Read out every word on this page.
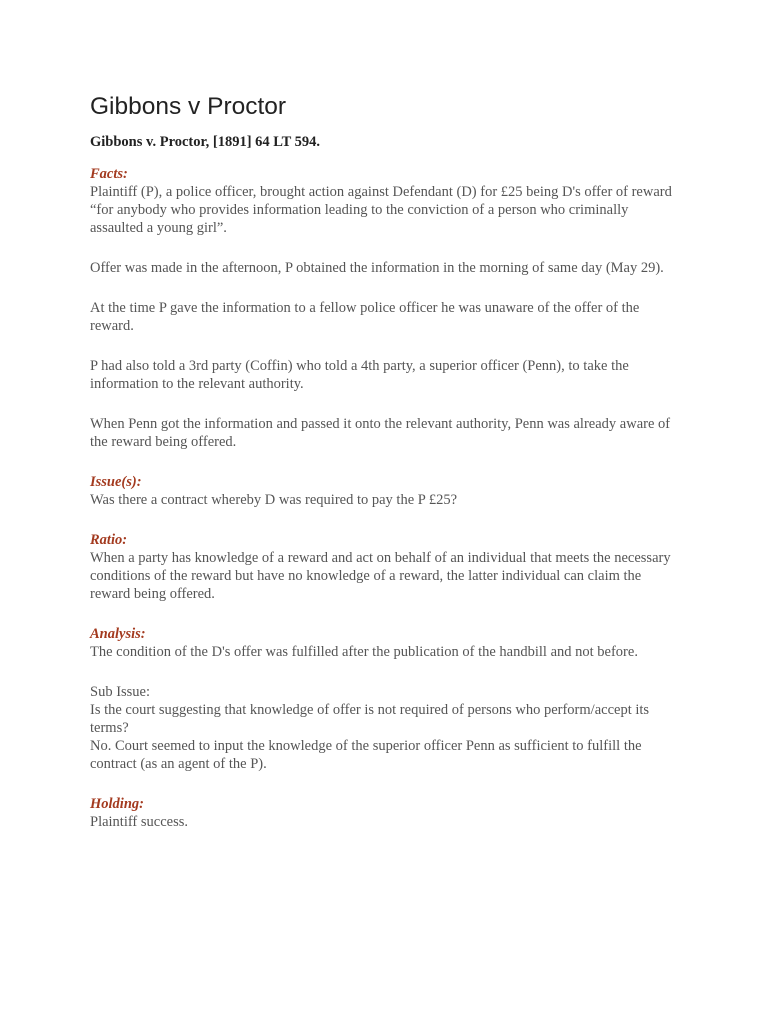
Gibbons v Proctor
Gibbons v. Proctor, [1891] 64 LT 594.
Facts:

Plaintiff (P), a police officer, brought action against Defendant (D) for £25 being D's offer of reward “for anybody who provides information leading to the conviction of a person who criminally assaulted a young girl”.

Offer was made in the afternoon, P obtained the information in the morning of same day (May 29).

At the time P gave the information to a fellow police officer he was unaware of the offer of the reward.

P had also told a 3rd party (Coffin) who told a 4th party, a superior officer (Penn), to take the information to the relevant authority.

When Penn got the information and passed it onto the relevant authority, Penn was already aware of the reward being offered.

Issue(s):

Was there a contract whereby D was required to pay the P £25?

Ratio:

When a party has knowledge of a reward and act on behalf of an individual that meets the necessary conditions of the reward but have no knowledge of a reward, the latter individual can claim the reward being offered.

Analysis:

The condition of the D's offer was fulfilled after the publication of the handbill and not before.

Sub Issue:

Is the court suggesting that knowledge of offer is not required of persons who perform/accept its terms?

No. Court seemed to input the knowledge of the superior officer Penn as sufficient to fulfill the contract (as an agent of the P).

Holding:

Plaintiff success.
